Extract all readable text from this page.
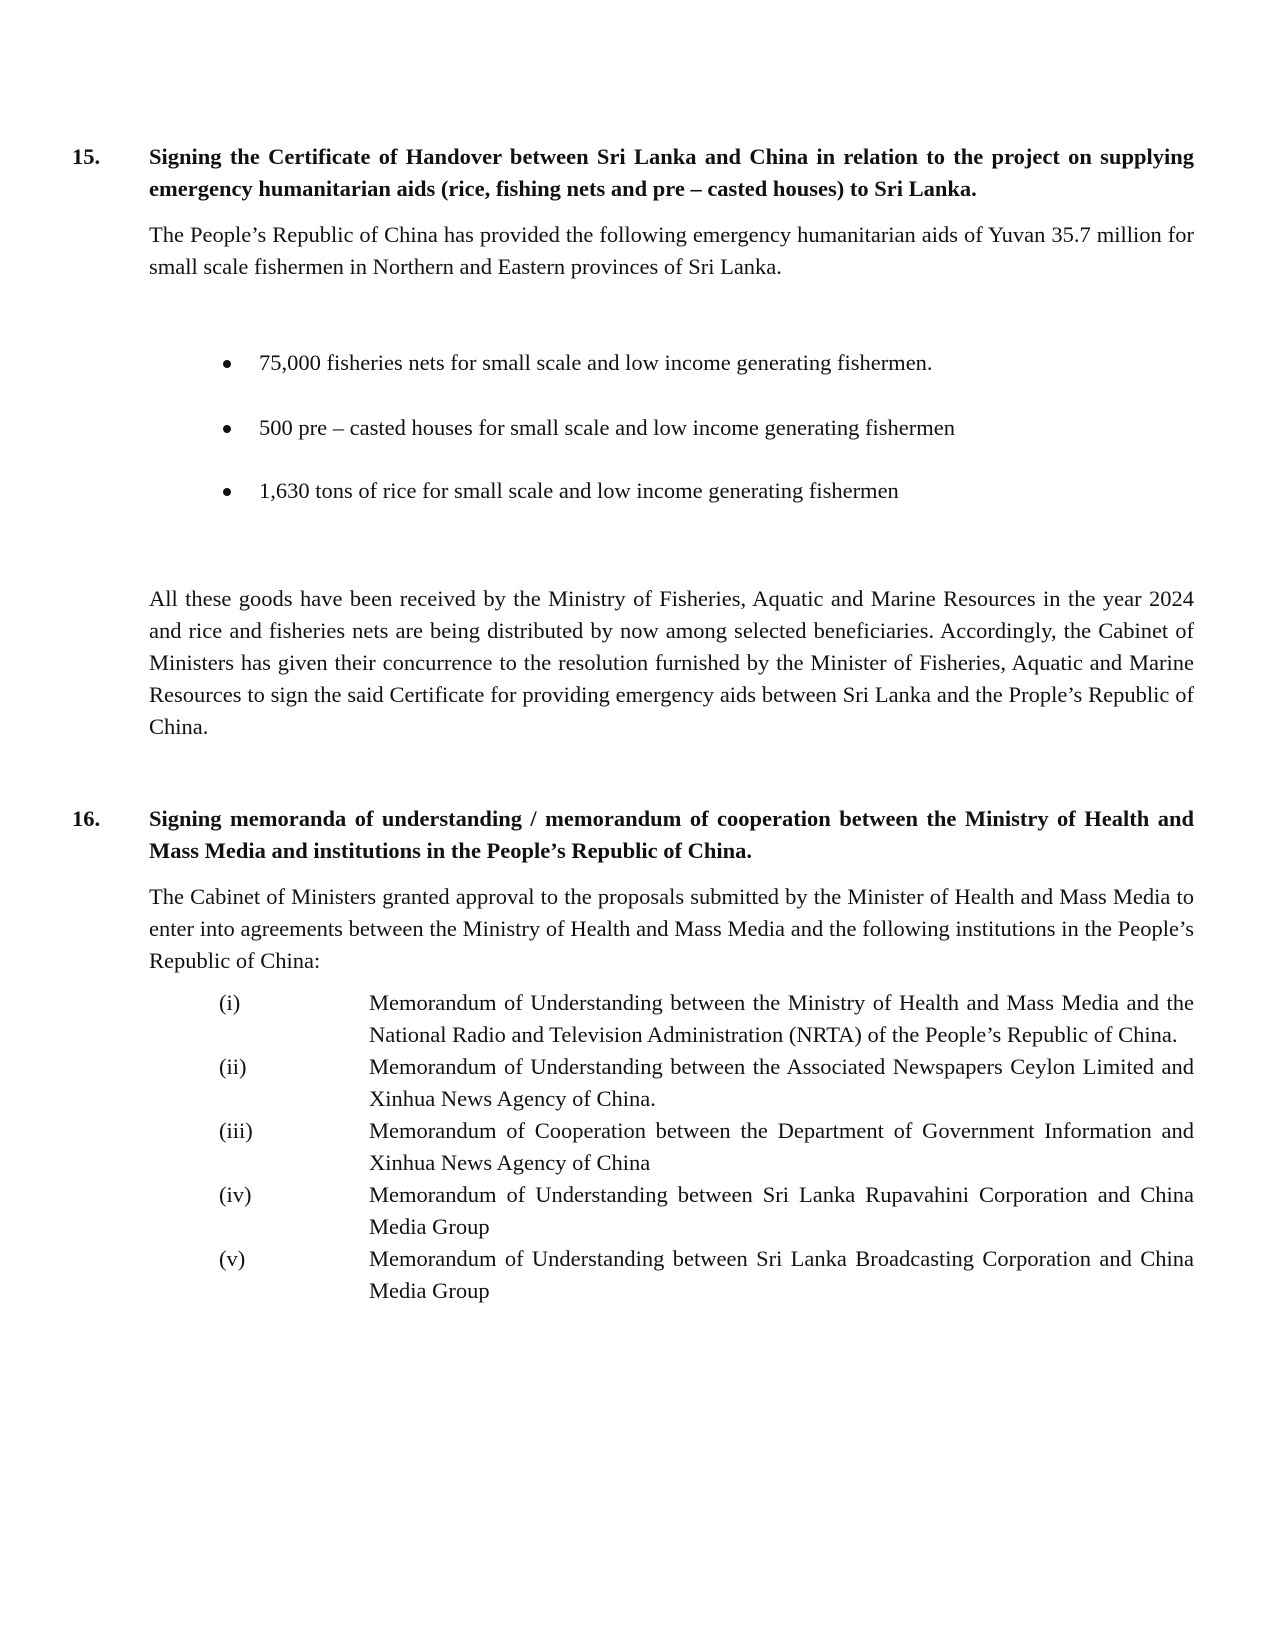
15. Signing the Certificate of Handover between Sri Lanka and China in relation to the project on supplying emergency humanitarian aids (rice, fishing nets and pre – casted houses) to Sri Lanka.
The People’s Republic of China has provided the following emergency humanitarian aids of Yuvan 35.7 million for small scale fishermen in Northern and Eastern provinces of Sri Lanka.
75,000 fisheries nets for small scale and low income generating fishermen.
500 pre – casted houses for small scale and low income generating fishermen
1,630 tons of rice for small scale and low income generating fishermen
All these goods have been received by the Ministry of Fisheries, Aquatic and Marine Resources in the year 2024 and rice and fisheries nets are being distributed by now among selected beneficiaries. Accordingly, the Cabinet of Ministers has given their concurrence to the resolution furnished by the Minister of Fisheries, Aquatic and Marine Resources to sign the said Certificate for providing emergency aids between Sri Lanka and the Prople’s Republic of China.
16. Signing memoranda of understanding / memorandum of cooperation between the Ministry of Health and Mass Media and institutions in the People’s Republic of China.
The Cabinet of Ministers granted approval to the proposals submitted by the Minister of Health and Mass Media to enter into agreements between the Ministry of Health and Mass Media and the following institutions in the People’s Republic of China:
(i)	Memorandum of Understanding between the Ministry of Health and Mass Media and the National Radio and Television Administration (NRTA) of the People’s Republic of China.
(ii)	Memorandum of Understanding between the Associated Newspapers Ceylon Limited and Xinhua News Agency of China.
(iii)	Memorandum of Cooperation between the Department of Government Information and Xinhua News Agency of China
(iv)	Memorandum of Understanding between Sri Lanka Rupavahini Corporation and China Media Group
(v)	Memorandum of Understanding between Sri Lanka Broadcasting Corporation and China Media Group
